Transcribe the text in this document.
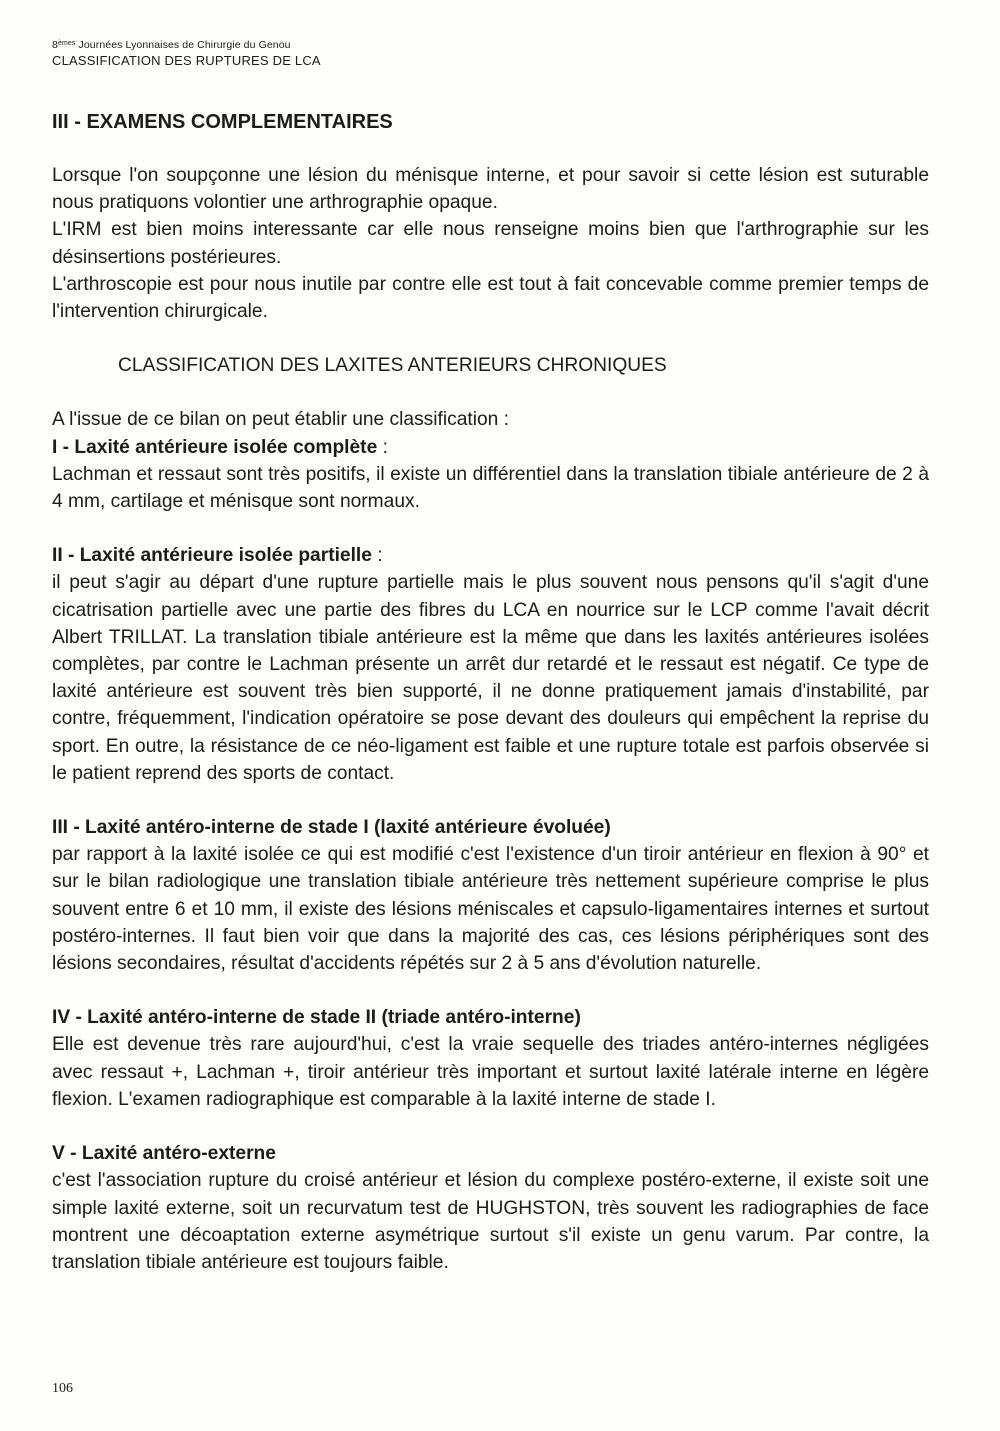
8èmes Journées Lyonnaises de Chirurgie du Genou
CLASSIFICATION DES RUPTURES DE LCA
III - EXAMENS COMPLEMENTAIRES

Lorsque l'on soupçonne une lésion du ménisque interne, et pour savoir si cette lésion est suturable nous pratiquons volontier une arthrographie opaque.

L'IRM est bien moins interessante car elle nous renseigne moins bien que l'arthrographie sur les désinsertions postérieures.

L'arthroscopie est pour nous inutile par contre elle est tout à fait concevable comme premier temps de l'intervention chirurgicale.

CLASSIFICATION DES LAXITES ANTERIEURS CHRONIQUES

A l'issue de ce bilan on peut établir une classification :

I - Laxité antérieure isolée complète :

Lachman et ressaut sont très positifs, il existe un différentiel dans la translation tibiale antérieure de 2 à 4 mm, cartilage et ménisque sont normaux.

II - Laxité antérieure isolée partielle :

il peut s'agir au départ d'une rupture partielle mais le plus souvent nous pensons qu'il s'agit d'une cicatrisation partielle avec une partie des fibres du LCA en nourrice sur le LCP comme l'avait décrit Albert TRILLAT. La translation tibiale antérieure est la même que dans les laxités antérieures isolées complètes, par contre le Lachman présente un arrêt dur retardé et le ressaut est négatif. Ce type de laxité antérieure est souvent très bien supporté, il ne donne pratiquement jamais d'instabilité, par contre, fréquemment, l'indication opératoire se pose devant des douleurs qui empêchent la reprise du sport. En outre, la résistance de ce néo-ligament est faible et une rupture totale est parfois observée si le patient reprend des sports de contact.

III - Laxité antéro-interne de stade I (laxité antérieure évoluée)

par rapport à la laxité isolée ce qui est modifié c'est l'existence d'un tiroir antérieur en flexion à 90° et sur le bilan radiologique une translation tibiale antérieure très nettement supérieure comprise le plus souvent entre 6 et 10 mm, il existe des lésions méniscales et capsulo-ligamentaires internes et surtout postéro-internes. Il faut bien voir que dans la majorité des cas, ces lésions périphériques sont des lésions secondaires, résultat d'accidents répétés sur 2 à 5 ans d'évolution naturelle.

IV - Laxité antéro-interne de stade II (triade antéro-interne)

Elle est devenue très rare aujourd'hui, c'est la vraie sequelle des triades antéro-internes négligées avec ressaut +, Lachman +, tiroir antérieur très important et surtout laxité latérale interne en légère flexion. L'examen radiographique est comparable à la laxité interne de stade I.

V - Laxité antéro-externe

c'est l'association rupture du croisé antérieur et lésion du complexe postéro-externe, il existe soit une simple laxité externe, soit un recurvatum test de HUGHSTON, très souvent les radiographies de face montrent une décoaptation externe asymétrique surtout s'il existe un genu varum. Par contre, la translation tibiale antérieure est toujours faible.

106
